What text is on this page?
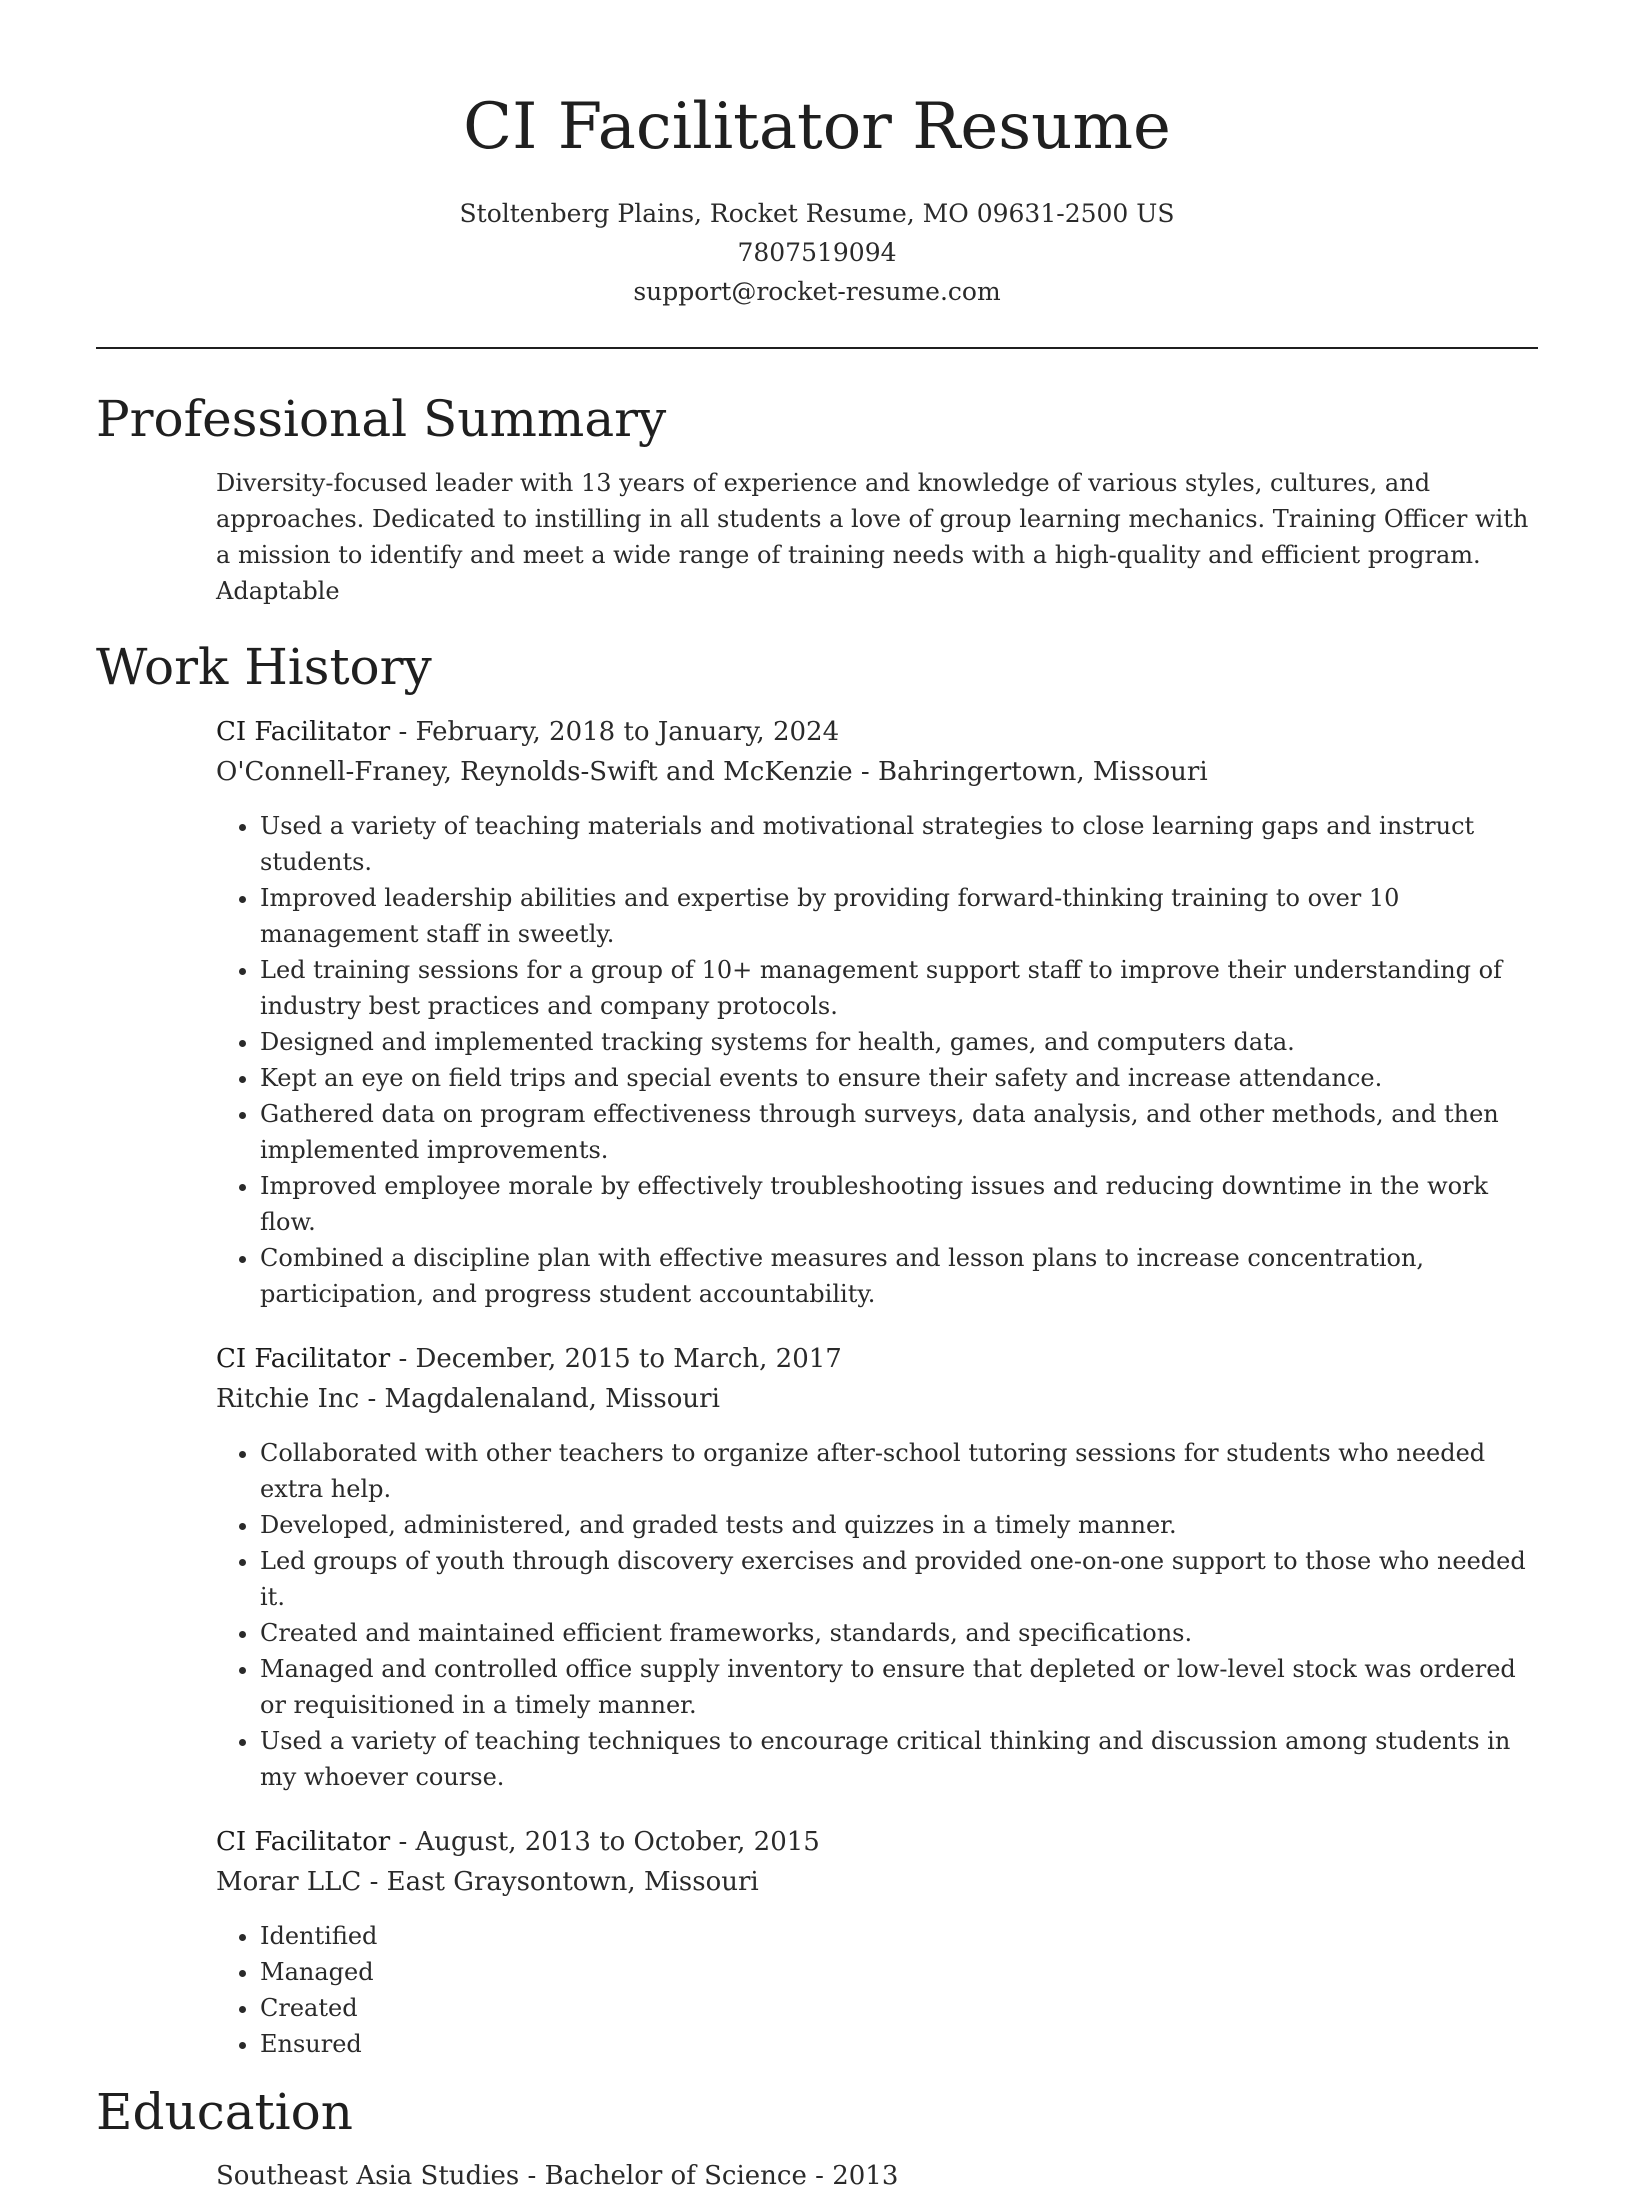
CI Facilitator Resume
Stoltenberg Plains, Rocket Resume, MO 09631-2500 US
7807519094
support@rocket-resume.com
Professional Summary

Diversity-focused leader with 13 years of experience and knowledge of various styles, cultures, and approaches. Dedicated to instilling in all students a love of group learning mechanics. Training Officer with a mission to identify and meet a wide range of training needs with a high-quality and efficient program. Adaptable

Work History
CI Facilitator - February, 2018 to January, 2024
O'Connell-Franey, Reynolds-Swift and McKenzie - Bahringertown, Missouri
• Used a variety of teaching materials and motivational strategies to close learning gaps and instruct students.
• Improved leadership abilities and expertise by providing forward-thinking training to over 10 management staff in sweetly.
• Led training sessions for a group of 10+ management support staff to improve their understanding of industry best practices and company protocols.
• Designed and implemented tracking systems for health, games, and computers data.
• Kept an eye on field trips and special events to ensure their safety and increase attendance.
• Gathered data on program effectiveness through surveys, data analysis, and other methods, and then implemented improvements.
• Improved employee morale by effectively troubleshooting issues and reducing downtime in the work flow.
• Combined a discipline plan with effective measures and lesson plans to increase concentration, participation, and progress student accountability.
CI Facilitator - December, 2015 to March, 2017
Ritchie Inc - Magdalenaland, Missouri
• Collaborated with other teachers to organize after-school tutoring sessions for students who needed extra help.
• Developed, administered, and graded tests and quizzes in a timely manner.
• Led groups of youth through discovery exercises and provided one-on-one support to those who needed it.
• Created and maintained efficient frameworks, standards, and specifications.
• Managed and controlled office supply inventory to ensure that depleted or low-level stock was ordered or requisitioned in a timely manner.
• Used a variety of teaching techniques to encourage critical thinking and discussion among students in my whoever course.
CI Facilitator - August, 2013 to October, 2015
Morar LLC - East Graysontown, Missouri
• Identified
• Managed
• Created
• Ensured
Education
Southeast Asia Studies - Bachelor of Science - 2013
